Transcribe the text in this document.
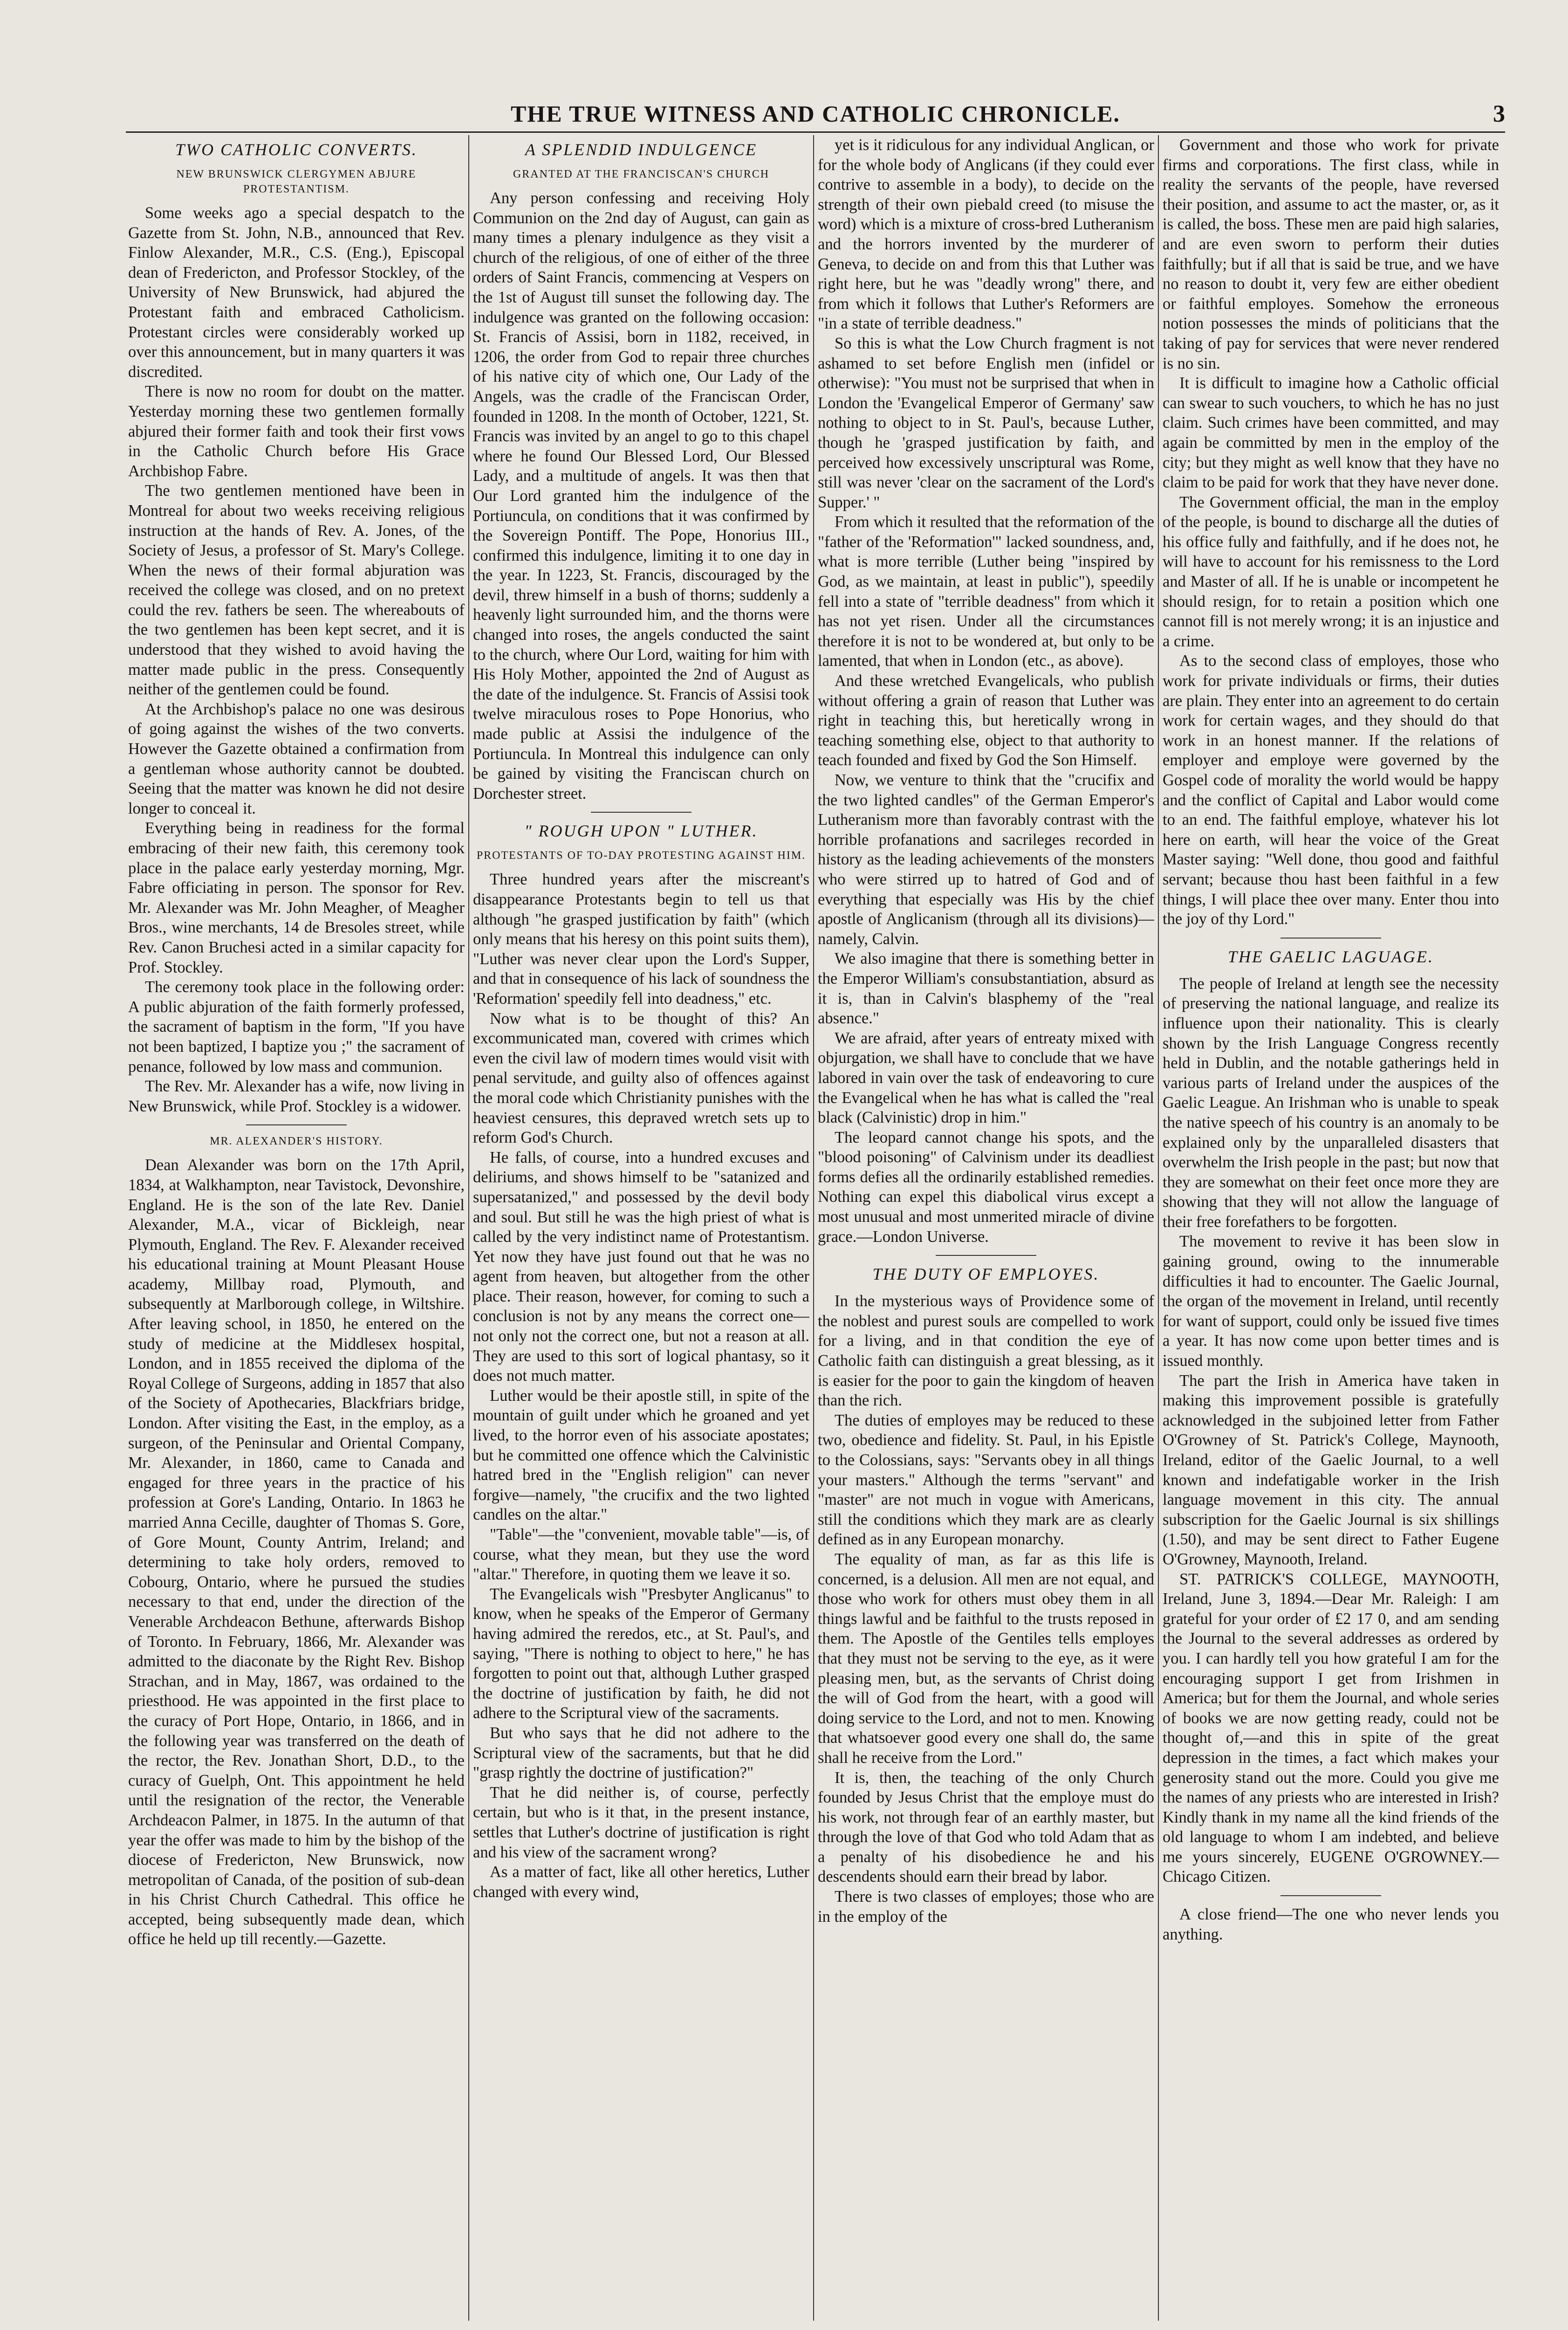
THE TRUE WITNESS AND CATHOLIC CHRONICLE.	3
TWO CATHOLIC CONVERTS.
NEW BRUNSWICK CLERGYMEN ABJURE PROTESTANTISM.

Some weeks ago a special despatch to the Gazette from St. John, N.B., announced that Rev. Finlow Alexander, M.R., C.S. (Eng.), Episcopal dean of Fredericton, and Professor Stockley, of the University of New Brunswick, had abjured the Protestant faith and embraced Catholicism. Protestant circles were considerably worked up over this announcement, but in many quarters it was discredited.

There is now no room for doubt on the matter. Yesterday morning these two gentlemen formally abjured their former faith and took their first vows in the Catholic Church before His Grace Archbishop Fabre.

The two gentlemen mentioned have been in Montreal for about two weeks receiving religious instruction at the hands of Rev. A. Jones, of the Society of Jesus, a professor of St. Mary's College. When the news of their formal abjuration was received the college was closed, and on no pretext could the rev. fathers be seen. The whereabouts of the two gentlemen has been kept secret, and it is understood that they wished to avoid having the matter made public in the press. Consequently neither of the gentlemen could be found.

At the Archbishop's palace no one was desirous of going against the wishes of the two converts. However the Gazette obtained a confirmation from a gentleman whose authority cannot be doubted. Seeing that the matter was known he did not desire longer to conceal it.

Everything being in readiness for the formal embracing of their new faith, this ceremony took place in the palace early yesterday morning, Mgr. Fabre officiating in person. The sponsor for Rev. Mr. Alexander was Mr. John Meagher, of Meagher Bros., wine merchants, 14 de Bresoles street, while Rev. Canon Bruchesi acted in a similar capacity for Prof. Stockley.

The ceremony took place in the following order: A public abjuration of the faith formerly professed, the sacrament of baptism in the form, "If you have not been baptized, I baptize you ;" the sacrament of penance, followed by low mass and communion.

The Rev. Mr. Alexander has a wife, now living in New Brunswick, while Prof. Stockley is a widower.

MR. ALEXANDER'S HISTORY.

Dean Alexander was born on the 17th April, 1834, at Walkhampton, near Tavistock, Devonshire, England. He is the son of the late Rev. Daniel Alexander, M.A., vicar of Bickleigh, near Plymouth, England. The Rev. F. Alexander received his educational training at Mount Pleasant House academy, Millbay road, Plymouth, and subsequently at Marlborough college, in Wiltshire. After leaving school, in 1850, he entered on the study of medicine at the Middlesex hospital, London, and in 1855 received the diploma of the Royal College of Surgeons, adding in 1857 that also of the Society of Apothecaries, Blackfriars bridge, London. After visiting the East, in the employ, as a surgeon, of the Peninsular and Oriental Company, Mr. Alexander, in 1860, came to Canada and engaged for three years in the practice of his profession at Gore's Landing, Ontario. In 1863 he married Anna Cecille, daughter of Thomas S. Gore, of Gore Mount, County Antrim, Ireland; and determining to take holy orders, removed to Cobourg, Ontario, where he pursued the studies necessary to that end, under the direction of the Venerable Archdeacon Bethune, afterwards Bishop of Toronto. In February, 1866, Mr. Alexander was admitted to the diaconate by the Right Rev. Bishop Strachan, and in May, 1867, was ordained to the priesthood. He was appointed in the first place to the curacy of Port Hope, Ontario, in 1866, and in the following year was transferred on the death of the rector, the Rev. Jonathan Short, D.D., to the curacy of Guelph, Ont. This appointment he held until the resignation of the rector, the Venerable Archdeacon Palmer, in 1875. In the autumn of that year the offer was made to him by the bishop of the diocese of Fredericton, New Brunswick, now metropolitan of Canada, of the position of sub-dean in his Christ Church Cathedral. This office he accepted, being subsequently made dean, which office he held up till recently.—Gazette.

A SPLENDID INDULGENCE
GRANTED AT THE FRANCISCAN'S CHURCH

Any person confessing and receiving Holy Communion on the 2nd day of August, can gain as many times a plenary indulgence as they visit a church of the religious, of one of either of the three orders of Saint Francis, commencing at Vespers on the 1st of August till sunset the following day. The indulgence was granted on the following occasion: St. Francis of Assisi, born in 1182, received, in 1206, the order from God to repair three churches of his native city of which one, Our Lady of the Angels, was the cradle of the Franciscan Order, founded in 1208. In the month of October, 1221, St. Francis was invited by an angel to go to this chapel where he found Our Blessed Lord, Our Blessed Lady, and a multitude of angels. It was then that Our Lord granted him the indulgence of the Portiuncula, on conditions that it was confirmed by the Sovereign Pontiff. The Pope, Honorius III., confirmed this indulgence, limiting it to one day in the year. In 1223, St. Francis, discouraged by the devil, threw himself in a bush of thorns; suddenly a heavenly light surrounded him, and the thorns were changed into roses, the angels conducted the saint to the church, where Our Lord, waiting for him with His Holy Mother, appointed the 2nd of August as the date of the indulgence. St. Francis of Assisi took twelve miraculous roses to Pope Honorius, who made public at Assisi the indulgence of the Portiuncula. In Montreal this indulgence can only be gained by visiting the Franciscan church on Dorchester street.

" ROUGH UPON " LUTHER.
PROTESTANTS OF TO-DAY PROTESTING AGAINST HIM.

Three hundred years after the miscreant's disappearance Protestants begin to tell us that although "he grasped justification by faith" (which only means that his heresy on this point suits them), "Luther was never clear upon the Lord's Supper, and that in consequence of his lack of soundness the 'Reformation' speedily fell into deadness," etc.

Now what is to be thought of this? An excommunicated man, covered with crimes which even the civil law of modern times would visit with penal servitude, and guilty also of offences against the moral code which Christianity punishes with the heaviest censures, this depraved wretch sets up to reform God's Church.

He falls, of course, into a hundred excuses and deliriums, and shows himself to be "satanized and supersatanized," and possessed by the devil body and soul. But still he was the high priest of what is called by the very indistinct name of Protestantism. Yet now they have just found out that he was no agent from heaven, but altogether from the other place. Their reason, however, for coming to such a conclusion is not by any means the correct one—not only not the correct one, but not a reason at all. They are used to this sort of logical phantasy, so it does not much matter.

Luther would be their apostle still, in spite of the mountain of guilt under which he groaned and yet lived, to the horror even of his associate apostates; but he committed one offence which the Calvinistic hatred bred in the "English religion" can never forgive—namely, "the crucifix and the two lighted candles on the altar."

"Table"—the "convenient, movable table"—is, of course, what they mean, but they use the word "altar." Therefore, in quoting them we leave it so.

The Evangelicals wish "Presbyter Anglicanus" to know, when he speaks of the Emperor of Germany having admired the reredos, etc., at St. Paul's, and saying, "There is nothing to object to here," he has forgotten to point out that, although Luther grasped the doctrine of justification by faith, he did not adhere to the Scriptural view of the sacraments.

But who says that he did not adhere to the Scriptural view of the sacraments, but that he did "grasp rightly the doctrine of justification?"

That he did neither is, of course, perfectly certain, but who is it that, in the present instance, settles that Luther's doctrine of justification is right and his view of the sacrament wrong?

As a matter of fact, like all other heretics, Luther changed with every wind,

yet is it ridiculous for any individual Anglican, or for the whole body of Anglicans (if they could ever contrive to assemble in a body), to decide on the strength of their own piebald creed (to misuse the word) which is a mixture of cross-bred Lutheranism and the horrors invented by the murderer of Geneva, to decide on and from this that Luther was right here, but he was "deadly wrong" there, and from which it follows that Luther's Reformers are "in a state of terrible deadness."

So this is what the Low Church fragment is not ashamed to set before English men (infidel or otherwise): "You must not be surprised that when in London the 'Evangelical Emperor of Germany' saw nothing to object to in St. Paul's, because Luther, though he 'grasped justification by faith, and perceived how excessively unscriptural was Rome, still was never 'clear on the sacrament of the Lord's Supper.' "

From which it resulted that the reformation of the "father of the 'Reformation'" lacked soundness, and, what is more terrible (Luther being "inspired by God, as we maintain, at least in public"), speedily fell into a state of "terrible deadness" from which it has not yet risen. Under all the circumstances therefore it is not to be wondered at, but only to be lamented, that when in London (etc., as above).

And these wretched Evangelicals, who publish without offering a grain of reason that Luther was right in teaching this, but heretically wrong in teaching something else, object to that authority to teach founded and fixed by God the Son Himself.

Now, we venture to think that the "crucifix and the two lighted candles" of the German Emperor's Lutheranism more than favorably contrast with the horrible profanations and sacrileges recorded in history as the leading achievements of the monsters who were stirred up to hatred of God and of everything that especially was His by the chief apostle of Anglicanism (through all its divisions)—namely, Calvin.

We also imagine that there is something better in the Emperor William's consubstantiation, absurd as it is, than in Calvin's blasphemy of the "real absence."

We are afraid, after years of entreaty mixed with objurgation, we shall have to conclude that we have labored in vain over the task of endeavoring to cure the Evangelical when he has what is called the "real black (Calvinistic) drop in him."

The leopard cannot change his spots, and the "blood poisoning" of Calvinism under its deadliest forms defies all the ordinarily established remedies. Nothing can expel this diabolical virus except a most unusual and most unmerited miracle of divine grace.—London Universe.

THE DUTY OF EMPLOYES.

In the mysterious ways of Providence some of the noblest and purest souls are compelled to work for a living, and in that condition the eye of Catholic faith can distinguish a great blessing, as it is easier for the poor to gain the kingdom of heaven than the rich.

The duties of employes may be reduced to these two, obedience and fidelity. St. Paul, in his Epistle to the Colossians, says: "Servants obey in all things your masters." Although the terms "servant" and "master" are not much in vogue with Americans, still the conditions which they mark are as clearly defined as in any European monarchy.

The equality of man, as far as this life is concerned, is a delusion. All men are not equal, and those who work for others must obey them in all things lawful and be faithful to the trusts reposed in them. The Apostle of the Gentiles tells employes that they must not be serving to the eye, as it were pleasing men, but, as the servants of Christ doing the will of God from the heart, with a good will doing service to the Lord, and not to men. Knowing that whatsoever good every one shall do, the same shall he receive from the Lord."

It is, then, the teaching of the only Church founded by Jesus Christ that the employe must do his work, not through fear of an earthly master, but through the love of that God who told Adam that as a penalty of his disobedience he and his descendents should earn their bread by labor.

There is two classes of employes; those who are in the employ of the

Government and those who work for private firms and corporations. The first class, while in reality the servants of the people, have reversed their position, and assume to act the master, or, as it is called, the boss. These men are paid high salaries, and are even sworn to perform their duties faithfully; but if all that is said be true, and we have no reason to doubt it, very few are either obedient or faithful employes. Somehow the erroneous notion possesses the minds of politicians that the taking of pay for services that were never rendered is no sin.

It is difficult to imagine how a Catholic official can swear to such vouchers, to which he has no just claim. Such crimes have been committed, and may again be committed by men in the employ of the city; but they might as well know that they have no claim to be paid for work that they have never done.

The Government official, the man in the employ of the people, is bound to discharge all the duties of his office fully and faithfully, and if he does not, he will have to account for his remissness to the Lord and Master of all. If he is unable or incompetent he should resign, for to retain a position which one cannot fill is not merely wrong; it is an injustice and a crime.

As to the second class of employes, those who work for private individuals or firms, their duties are plain. They enter into an agreement to do certain work for certain wages, and they should do that work in an honest manner. If the relations of employer and employe were governed by the Gospel code of morality the world would be happy and the conflict of Capital and Labor would come to an end. The faithful employe, whatever his lot here on earth, will hear the voice of the Great Master saying: "Well done, thou good and faithful servant; because thou hast been faithful in a few things, I will place thee over many. Enter thou into the joy of thy Lord."

THE GAELIC LAGUAGE.

The people of Ireland at length see the necessity of preserving the national language, and realize its influence upon their nationality. This is clearly shown by the Irish Language Congress recently held in Dublin, and the notable gatherings held in various parts of Ireland under the auspices of the Gaelic League. An Irishman who is unable to speak the native speech of his country is an anomaly to be explained only by the unparalleled disasters that overwhelm the Irish people in the past; but now that they are somewhat on their feet once more they are showing that they will not allow the language of their free forefathers to be forgotten.

The movement to revive it has been slow in gaining ground, owing to the innumerable difficulties it had to encounter. The Gaelic Journal, the organ of the movement in Ireland, until recently for want of support, could only be issued five times a year. It has now come upon better times and is issued monthly.

The part the Irish in America have taken in making this improvement possible is gratefully acknowledged in the subjoined letter from Father O'Growney of St. Patrick's College, Maynooth, Ireland, editor of the Gaelic Journal, to a well known and indefatigable worker in the Irish language movement in this city. The annual subscription for the Gaelic Journal is six shillings (1.50), and may be sent direct to Father Eugene O'Growney, Maynooth, Ireland.

ST. PATRICK'S COLLEGE, MAYNOOTH, Ireland, June 3, 1894.—Dear Mr. Raleigh: I am grateful for your order of £2 17 0, and am sending the Journal to the several addresses as ordered by you. I can hardly tell you how grateful I am for the encouraging support I get from Irishmen in America; but for them the Journal, and whole series of books we are now getting ready, could not be thought of,—and this in spite of the great depression in the times, a fact which makes your generosity stand out the more. Could you give me the names of any priests who are interested in Irish? Kindly thank in my name all the kind friends of the old language to whom I am indebted, and believe me yours sincerely, EUGENE O'GROWNEY.—Chicago Citizen.

A close friend—The one who never lends you anything.
